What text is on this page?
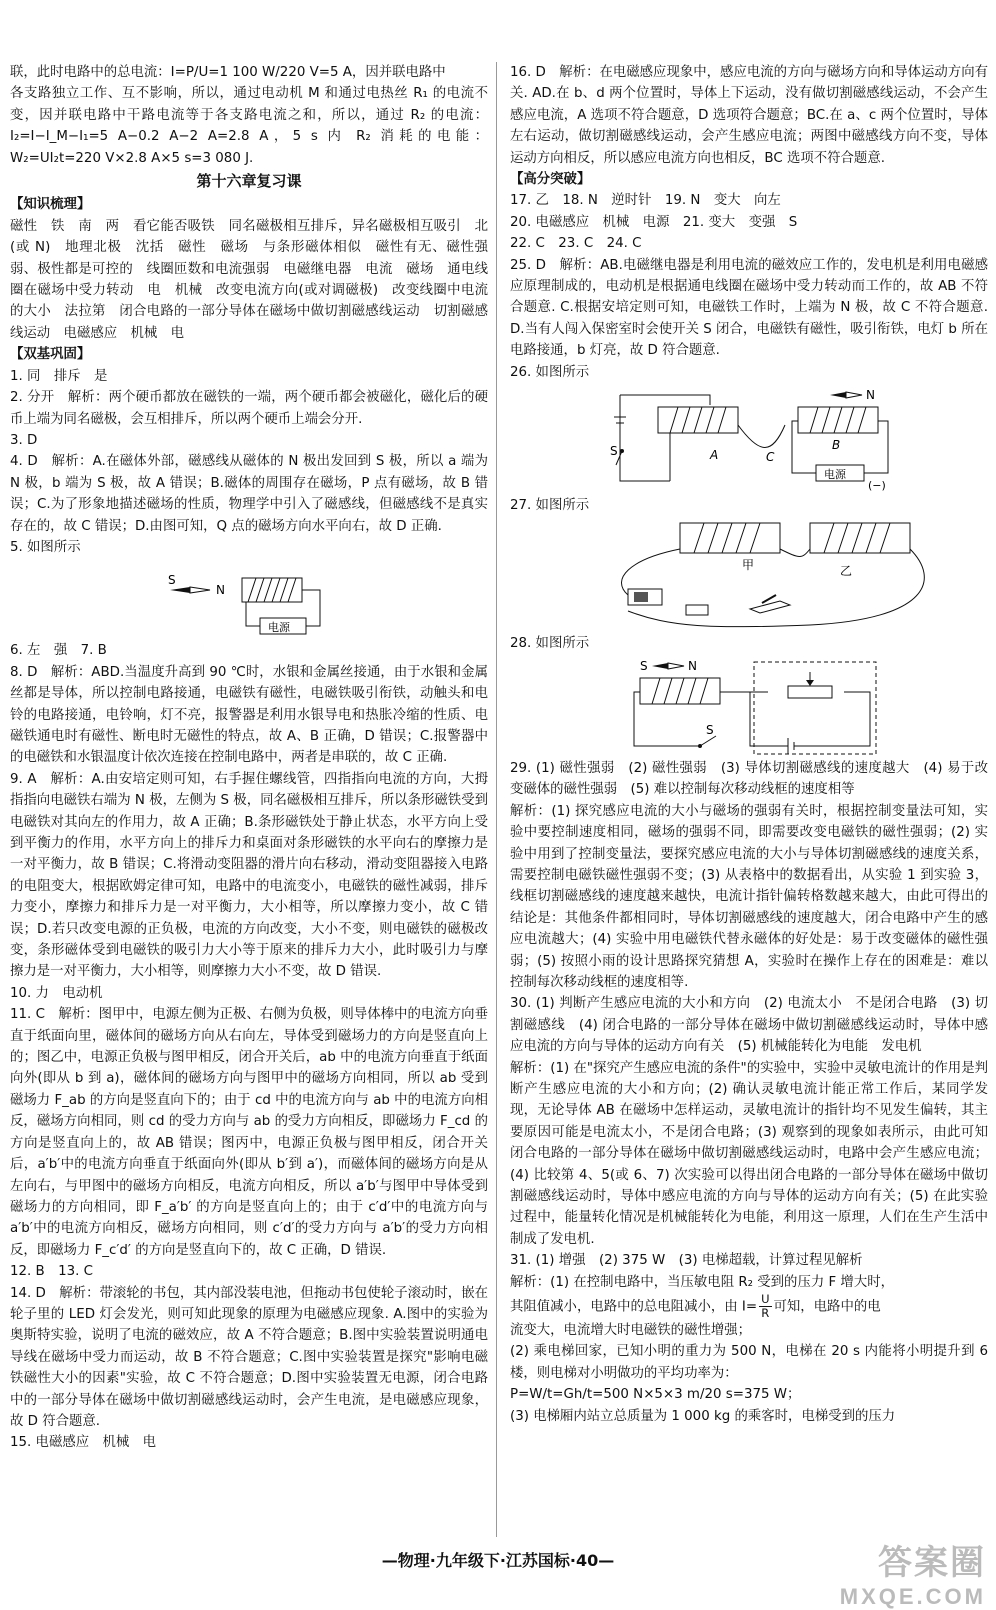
联，此时电路中的总电流：I=P/U=1 100 W/220 V=5 A，因并联电路中

各支路独立工作、互不影响，所以，通过电动机 M 和通过电热丝 R₁ 的电流不变，因并联电路中干路电流等于各支路电流之和，所以，通过 R₂ 的电流：I₂=I−I_M−I₁=5 A−0.2 A−2 A=2.8 A，5 s 内 R₂ 消耗的电能：W₂=UI₂t=220 V×2.8 A×5 s=3 080 J.

第十六章复习课

【知识梳理】

磁性　铁　南　两　看它能否吸铁　同名磁极相互排斥，异名磁极相互吸引　北(或 N)　地理北极　沈括　磁性　磁场　与条形磁体相似　磁性有无、磁性强弱、极性都是可控的　线圈匝数和电流强弱　电磁继电器　电流　磁场　通电线圈在磁场中受力转动　电　机械　改变电流方向(或对调磁极)　改变线圈中电流的大小　法拉第　闭合电路的一部分导体在磁场中做切割磁感线运动　切割磁感线运动　电磁感应　机械　电

【双基巩固】

1. 同　排斥　是

2. 分开　解析：两个硬币都放在磁铁的一端，两个硬币都会被磁化，磁化后的硬币上端为同名磁极，会互相排斥，所以两个硬币上端会分开.

3. D

4. D　解析：A.在磁体外部，磁感线从磁体的 N 极出发回到 S 极，所以 a 端为 N 极，b 端为 S 极，故 A 错误；B.磁体的周围存在磁场，P 点有磁场，故 B 错误；C.为了形象地描述磁场的性质，物理学中引入了磁感线，但磁感线不是真实存在的，故 C 错误；D.由图可知，Q 点的磁场方向水平向右，故 D 正确.

5. 如图所示

S
N
电源

6. 左　强　7. B

8. D　解析：ABD.当温度升高到 90 ℃时，水银和金属丝接通，由于水银和金属丝都是导体，所以控制电路接通，电磁铁有磁性，电磁铁吸引衔铁，动触头和电铃的电路接通，电铃响，灯不亮，报警器是利用水银导电和热胀冷缩的性质、电磁铁通电时有磁性、断电时无磁性的特点，故 A、B 正确，D 错误；C.报警器中的电磁铁和水银温度计依次连接在控制电路中，两者是串联的，故 C 正确.

9. A　解析：A.由安培定则可知，右手握住螺线管，四指指向电流的方向，大拇指指向电磁铁右端为 N 极，左侧为 S 极，同名磁极相互排斥，所以条形磁铁受到电磁铁对其向左的作用力，故 A 正确；B.条形磁铁处于静止状态，水平方向上受到平衡力的作用，水平方向上的排斥力和桌面对条形磁铁的水平向右的摩擦力是一对平衡力，故 B 错误；C.将滑动变阻器的滑片向右移动，滑动变阻器接入电路的电阻变大，根据欧姆定律可知，电路中的电流变小，电磁铁的磁性减弱，排斥力变小，摩擦力和排斥力是一对平衡力，大小相等，所以摩擦力变小，故 C 错误；D.若只改变电源的正负极，电流的方向改变，大小不变，则电磁铁的磁极改变，条形磁体受到电磁铁的吸引力大小等于原来的排斥力大小，此时吸引力与摩擦力是一对平衡力，大小相等，则摩擦力大小不变，故 D 错误.

10. 力　电动机

11. C　解析：图甲中，电源左侧为正极、右侧为负极，则导体棒中的电流方向垂直于纸面向里，磁体间的磁场方向从右向左，导体受到磁场力的方向是竖直向上的；图乙中，电源正负极与图甲相反，闭合开关后，ab 中的电流方向垂直于纸面向外(即从 b 到 a)，磁体间的磁场方向与图甲中的磁场方向相同，所以 ab 受到磁场力 F_ab 的方向是竖直向下的；由于 cd 中的电流方向与 ab 中的电流方向相反，磁场方向相同，则 cd 的受力方向与 ab 的受力方向相反，即磁场力 F_cd 的方向是竖直向上的，故 AB 错误；图丙中，电源正负极与图甲相反，闭合开关后，a′b′中的电流方向垂直于纸面向外(即从 b′到 a′)，而磁体间的磁场方向是从左向右，与甲图中的磁场方向相反，电流方向相反，所以 a′b′与图甲中导体受到磁场力的方向相同，即 F_a′b′ 的方向是竖直向上的；由于 c′d′中的电流方向与 a′b′中的电流方向相反，磁场方向相同，则 c′d′的受力方向与 a′b′的受力方向相反，即磁场力 F_c′d′ 的方向是竖直向下的，故 C 正确，D 错误.

12. B　13. C

14. D　解析：带滚轮的书包，其内部没装电池，但拖动书包使轮子滚动时，嵌在轮子里的 LED 灯会发光，则可知此现象的原理为电磁感应现象. A.图中的实验为奥斯特实验，说明了电流的磁效应，故 A 不符合题意；B.图中实验装置说明通电导线在磁场中受力而运动，故 B 不符合题意；C.图中实验装置是探究"影响电磁铁磁性大小的因素"实验，故 C 不符合题意；D.图中实验装置无电源，闭合电路中的一部分导体在磁场中做切割磁感线运动时，会产生电流，是电磁感应现象，故 D 符合题意.

15. 电磁感应　机械　电

16. D　解析：在电磁感应现象中，感应电流的方向与磁场方向和导体运动方向有关. AD.在 b、d 两个位置时，导体上下运动，没有做切割磁感线运动，不会产生感应电流，A 选项不符合题意，D 选项符合题意；BC.在 a、c 两个位置时，导体左右运动，做切割磁感线运动，会产生感应电流；两图中磁感线方向不变，导体运动方向相反，所以感应电流方向也相反，BC 选项不符合题意.

【高分突破】

17. 乙　18. N　逆时针　19. N　变大　向左

20. 电磁感应　机械　电源　21. 变大　变强　S

22. C　23. C　24. C

25. D　解析：AB.电磁继电器是利用电流的磁效应工作的，发电机是利用电磁感应原理制成的，电动机是根据通电线圈在磁场中受力转动而工作的，故 AB 不符合题意. C.根据安培定则可知，电磁铁工作时，上端为 N 极，故 C 不符合题意. D.当有人闯入保密室时会使开关 S 闭合，电磁铁有磁性，吸引衔铁，电灯 b 所在电路接通，b 灯亮，故 D 符合题意.

26. 如图所示

S	A	C
N
B
电源
(−)

27. 如图所示

甲	乙

28. 如图所示

S	N
S

29. (1) 磁性强弱　(2) 磁性强弱　(3) 导体切割磁感线的速度越大　(4) 易于改变磁体的磁性强弱　(5) 难以控制每次移动线框的速度相等

解析：(1) 探究感应电流的大小与磁场的强弱有关时，根据控制变量法可知，实验中要控制速度相同，磁场的强弱不同，即需要改变电磁铁的磁性强弱；(2) 实验中用到了控制变量法，要探究感应电流的大小与导体切割磁感线的速度关系，需要控制电磁铁磁性强弱不变；(3) 从表格中的数据看出，从实验 1 到实验 3，线框切割磁感线的速度越来越快，电流计指针偏转格数越来越大，由此可得出的结论是：其他条件都相同时，导体切割磁感线的速度越大，闭合电路中产生的感应电流越大；(4) 实验中用电磁铁代替永磁体的好处是：易于改变磁体的磁性强弱；(5) 按照小雨的设计思路探究猜想 A，实验时在操作上存在的困难是：难以控制每次移动线框的速度相等.

30. (1) 判断产生感应电流的大小和方向　(2) 电流太小　不是闭合电路　(3) 切割磁感线　(4) 闭合电路的一部分导体在磁场中做切割磁感线运动时，导体中感应电流的方向与导体的运动方向有关　(5) 机械能转化为电能　发电机

解析：(1) 在"探究产生感应电流的条件"的实验中，实验中灵敏电流计的作用是判断产生感应电流的大小和方向；(2) 确认灵敏电流计能正常工作后，某同学发现，无论导体 AB 在磁场中怎样运动，灵敏电流计的指针均不见发生偏转，其主要原因可能是电流太小，不是闭合电路；(3) 观察到的现象如表所示，由此可知闭合电路的一部分导体在磁场中做切割磁感线运动时，电路中会产生感应电流；(4) 比较第 4、5(或 6、7) 次实验可以得出闭合电路的一部分导体在磁场中做切割磁感线运动时，导体中感应电流的方向与导体的运动方向有关；(5) 在此实验过程中，能量转化情况是机械能转化为电能，利用这一原理，人们在生产生活中制成了发电机.

31. (1) 增强　(2) 375 W　(3) 电梯超载，计算过程见解析

解析：(1) 在控制电路中，当压敏电阻 R₂ 受到的压力 F 增大时，

其阻值减小，电路中的总电阻减小，由 $I= \frac{U}{R}$ 可知，电路中的电

流变大，电流增大时电磁铁的磁性增强；

(2) 乘电梯回家，已知小明的重力为 500 N，电梯在 20 s 内能将小明提升到 6 楼，则电梯对小明做功的平均功率为：

P=W/t=Gh/t=500 N×5×3 m/20 s=375 W；

(3) 电梯厢内站立总质量为 1 000 kg 的乘客时，电梯受到的压力

—物理·九年级下·江苏国标·40—	答案圈
MXQE.COM
